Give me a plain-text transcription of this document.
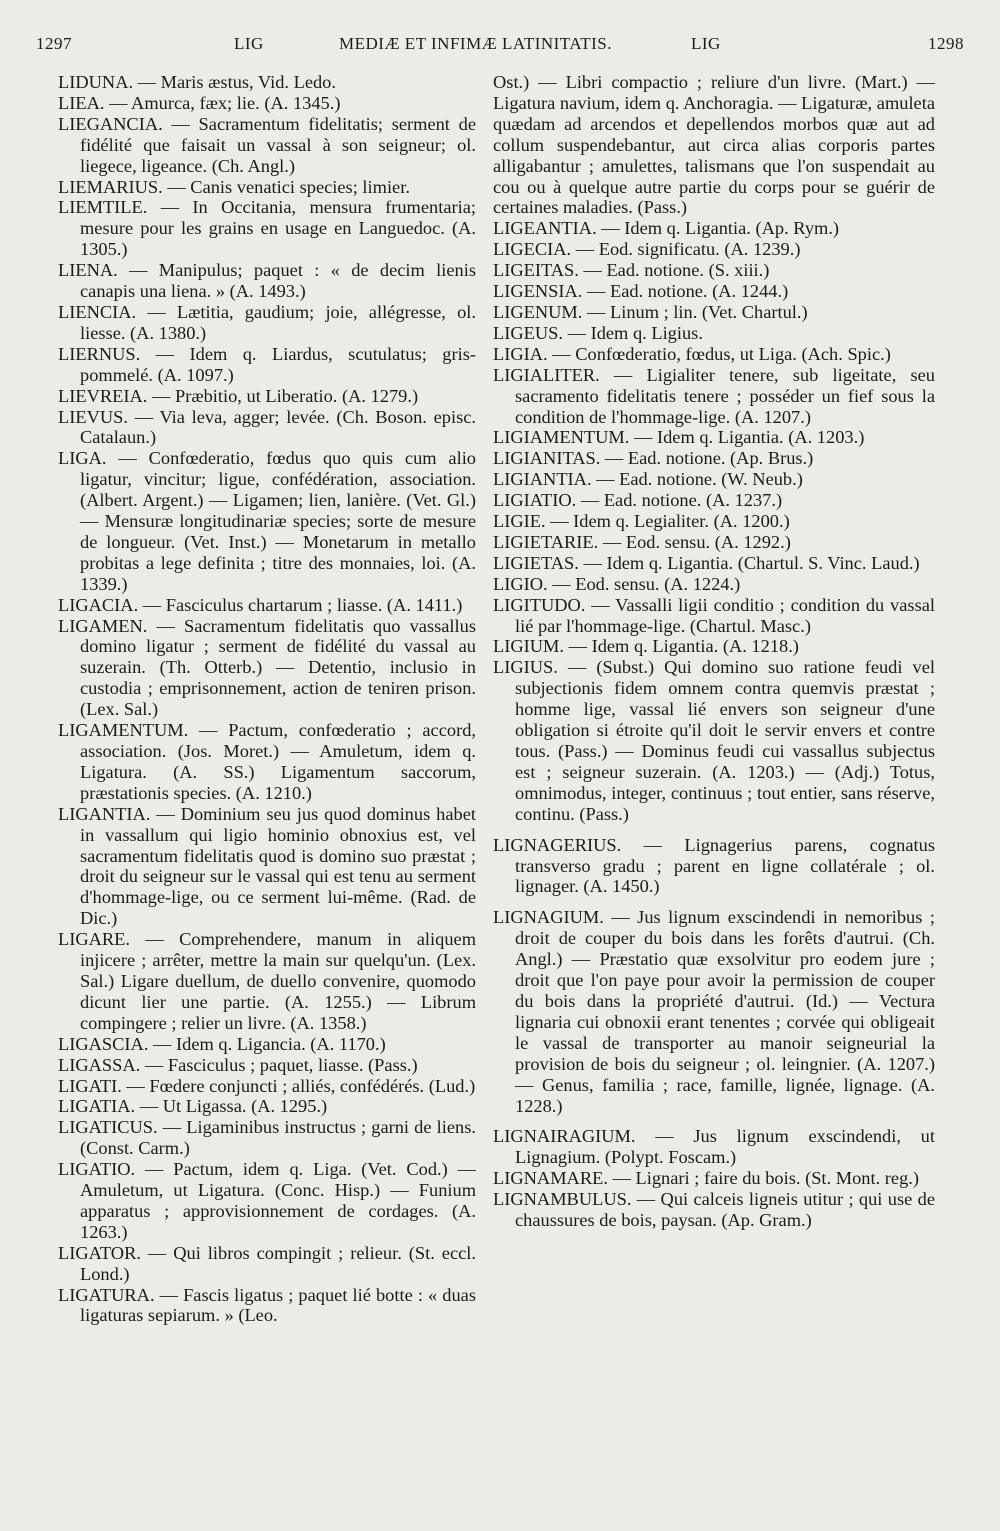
1297	LIG	MEDIÆ ET INFIMÆ LATINITATIS.	LIG	1298

LIDUNA. — Maris æstus, Vid. Ledo.

LIEA. — Amurca, fæx; lie. (A. 1345.)

LIEGANCIA. — Sacramentum fidelitatis; serment de fidélité que faisait un vassal à son seigneur; ol. liegece, ligeance. (Ch. Angl.)

LIEMARIUS. — Canis venatici species; limier.

LIEMTILE. — In Occitania, mensura frumentaria; mesure pour les grains en usage en Languedoc. (A. 1305.)

LIENA. — Manipulus; paquet : « de decim lienis canapis una liena. » (A. 1493.)

LIENCIA. — Lætitia, gaudium; joie, allégresse, ol. liesse. (A. 1380.)

LIERNUS. — Idem q. Liardus, scutulatus; gris-pommelé. (A. 1097.)

LIEVREIA. — Præbitio, ut Liberatio. (A. 1279.)

LIEVUS. — Via leva, agger; levée. (Ch. Boson. episc. Catalaun.)

LIGA. — Confœderatio, fœdus quo quis cum alio ligatur, vincitur; ligue, confédération, association. (Albert. Argent.) — Ligamen; lien, lanière. (Vet. Gl.) — Mensuræ longitudinariæ species; sorte de mesure de longueur. (Vet. Inst.) — Monetarum in metallo probitas a lege definita ; titre des monnaies, loi. (A. 1339.)

LIGACIA. — Fasciculus chartarum ; liasse. (A. 1411.)

LIGAMEN. — Sacramentum fidelitatis quo vassallus domino ligatur ; serment de fidélité du vassal au suzerain. (Th. Otterb.) — Detentio, inclusio in custodia ; emprisonnement, action de teniren prison. (Lex. Sal.)

LIGAMENTUM. — Pactum, confœderatio ; accord, association. (Jos. Moret.) — Amuletum, idem q. Ligatura. (A. SS.) Ligamentum saccorum, præstationis species. (A. 1210.)

LIGANTIA. — Dominium seu jus quod dominus habet in vassallum qui ligio hominio obnoxius est, vel sacramentum fidelitatis quod is domino suo præstat ; droit du seigneur sur le vassal qui est tenu au serment d'hommage-lige, ou ce serment lui-même. (Rad. de Dic.)

LIGARE. — Comprehendere, manum in aliquem injicere ; arrêter, mettre la main sur quelqu'un. (Lex. Sal.) Ligare duellum, de duello convenire, quomodo dicunt lier une partie. (A. 1255.) — Librum compingere ; relier un livre. (A. 1358.)

LIGASCIA. — Idem q. Ligancia. (A. 1170.)

LIGASSA. — Fasciculus ; paquet, liasse. (Pass.)

LIGATI. — Fœdere conjuncti ; alliés, confédérés. (Lud.)

LIGATIA. — Ut Ligassa. (A. 1295.)

LIGATICUS. — Ligaminibus instructus ; garni de liens. (Const. Carm.)

LIGATIO. — Pactum, idem q. Liga. (Vet. Cod.) — Amuletum, ut Ligatura. (Conc. Hisp.) — Funium apparatus ; approvisionnement de cordages. (A. 1263.)

LIGATOR. — Qui libros compingit ; relieur. (St. eccl. Lond.)

LIGATURA. — Fascis ligatus ; paquet lié botte : « duas ligaturas sepiarum. » (Leo.

Ost.) — Libri compactio ; reliure d'un livre. (Mart.) — Ligatura navium, idem q. Anchoragia. — Ligaturæ, amuleta quædam ad arcendos et depellendos morbos quæ aut ad collum suspendebantur, aut circa alias corporis partes alligabantur ; amulettes, talismans que l'on suspendait au cou ou à quelque autre partie du corps pour se guérir de certaines maladies. (Pass.)

LIGEANTIA. — Idem q. Ligantia. (Ap. Rym.)

LIGECIA. — Eod. significatu. (A. 1239.)

LIGEITAS. — Ead. notione. (S. xiii.)

LIGENSIA. — Ead. notione. (A. 1244.)

LIGENUM. — Linum ; lin. (Vet. Chartul.)

LIGEUS. — Idem q. Ligius.

LIGIA. — Confœderatio, fœdus, ut Liga. (Ach. Spic.)

LIGIALITER. — Ligialiter tenere, sub ligeitate, seu sacramento fidelitatis tenere ; posséder un fief sous la condition de l'hommage-lige. (A. 1207.)

LIGIAMENTUM. — Idem q. Ligantia. (A. 1203.)

LIGIANITAS. — Ead. notione. (Ap. Brus.)

LIGIANTIA. — Ead. notione. (W. Neub.)

LIGIATIO. — Ead. notione. (A. 1237.)

LIGIE. — Idem q. Legialiter. (A. 1200.)

LIGIETARIE. — Eod. sensu. (A. 1292.)

LIGIETAS. — Idem q. Ligantia. (Chartul. S. Vinc. Laud.)

LIGIO. — Eod. sensu. (A. 1224.)

LIGITUDO. — Vassalli ligii conditio ; condition du vassal lié par l'hommage-lige. (Chartul. Masc.)

LIGIUM. — Idem q. Ligantia. (A. 1218.)

LIGIUS. — (Subst.) Qui domino suo ratione feudi vel subjectionis fidem omnem contra quemvis præstat ; homme lige, vassal lié envers son seigneur d'une obligation si étroite qu'il doit le servir envers et contre tous. (Pass.) — Dominus feudi cui vassallus subjectus est ; seigneur suzerain. (A. 1203.) — (Adj.) Totus, omnimodus, integer, continuus ; tout entier, sans réserve, continu. (Pass.)

LIGNAGERIUS. — Lignagerius parens, cognatus transverso gradu ; parent en ligne collatérale ; ol. lignager. (A. 1450.)

LIGNAGIUM. — Jus lignum exscindendi in nemoribus ; droit de couper du bois dans les forêts d'autrui. (Ch. Angl.) — Præstatio quæ exsolvitur pro eodem jure ; droit que l'on paye pour avoir la permission de couper du bois dans la propriété d'autrui. (Id.) — Vectura lignaria cui obnoxii erant tenentes ; corvée qui obligeait le vassal de transporter au manoir seigneurial la provision de bois du seigneur ; ol. leingnier. (A. 1207.) — Genus, familia ; race, famille, lignée, lignage. (A. 1228.)

LIGNAIRAGIUM. — Jus lignum exscindendi, ut Lignagium. (Polypt. Foscam.)

LIGNAMARE. — Lignari ; faire du bois. (St. Mont. reg.)

LIGNAMBULUS. — Qui calceis ligneis utitur ; qui use de chaussures de bois, paysan. (Ap. Gram.)
